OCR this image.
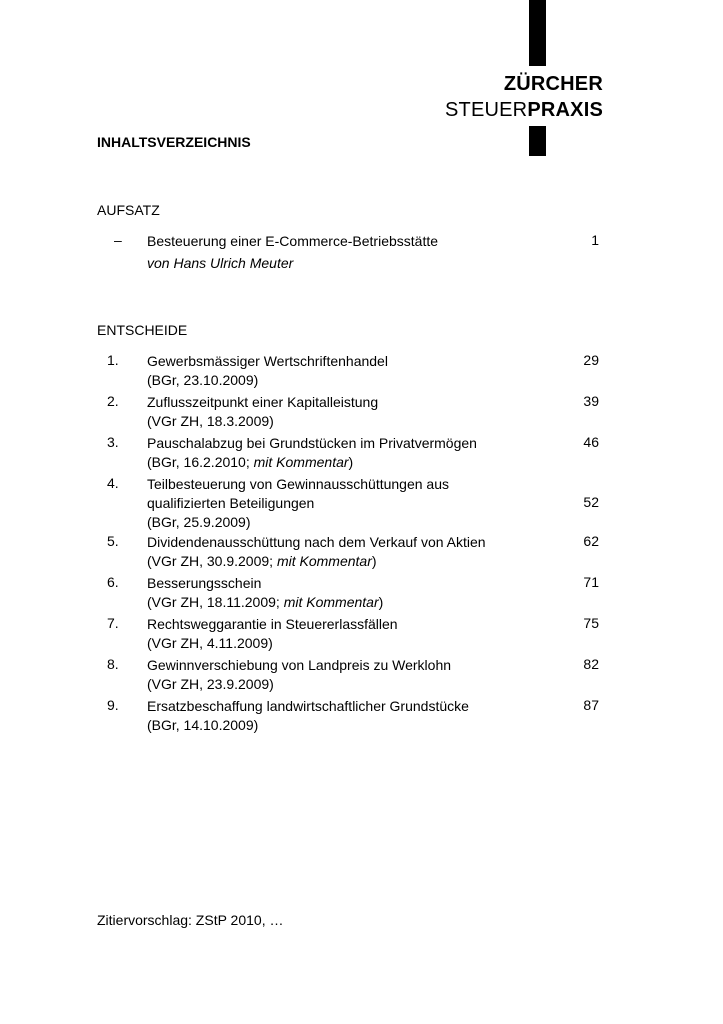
ZÜRCHER
STEUERPRAXIS
INHALTSVERZEICHNIS
AUFSATZ
– Besteuerung einer E-Commerce-Betriebsstätte
von Hans Ulrich Meuter
1
ENTSCHEIDE
1. Gewerbsmässiger Wertschriftenhandel
(BGr, 23.10.2009)
29
2. Zuflusszeitpunkt einer Kapitalleistung
(VGr ZH, 18.3.2009)
39
3. Pauschalabzug bei Grundstücken im Privatvermögen
(BGr, 16.2.2010; mit Kommentar)
46
4. Teilbesteuerung von Gewinnausschüttungen aus
qualifizierten Beteiligungen
(BGr, 25.9.2009)
52
5. Dividendenausschüttung nach dem Verkauf von Aktien
(VGr ZH, 30.9.2009; mit Kommentar)
62
6. Besserungsschein
(VGr ZH, 18.11.2009; mit Kommentar)
71
7. Rechtsweggarantie in Steuererlassfällen
(VGr ZH, 4.11.2009)
75
8. Gewinnverschiebung von Landpreis zu Werklohn
(VGr ZH, 23.9.2009)
82
9. Ersatzbeschaffung landwirtschaftlicher Grundstücke
(BGr, 14.10.2009)
87
Zitiervorschlag: ZStP 2010, …
